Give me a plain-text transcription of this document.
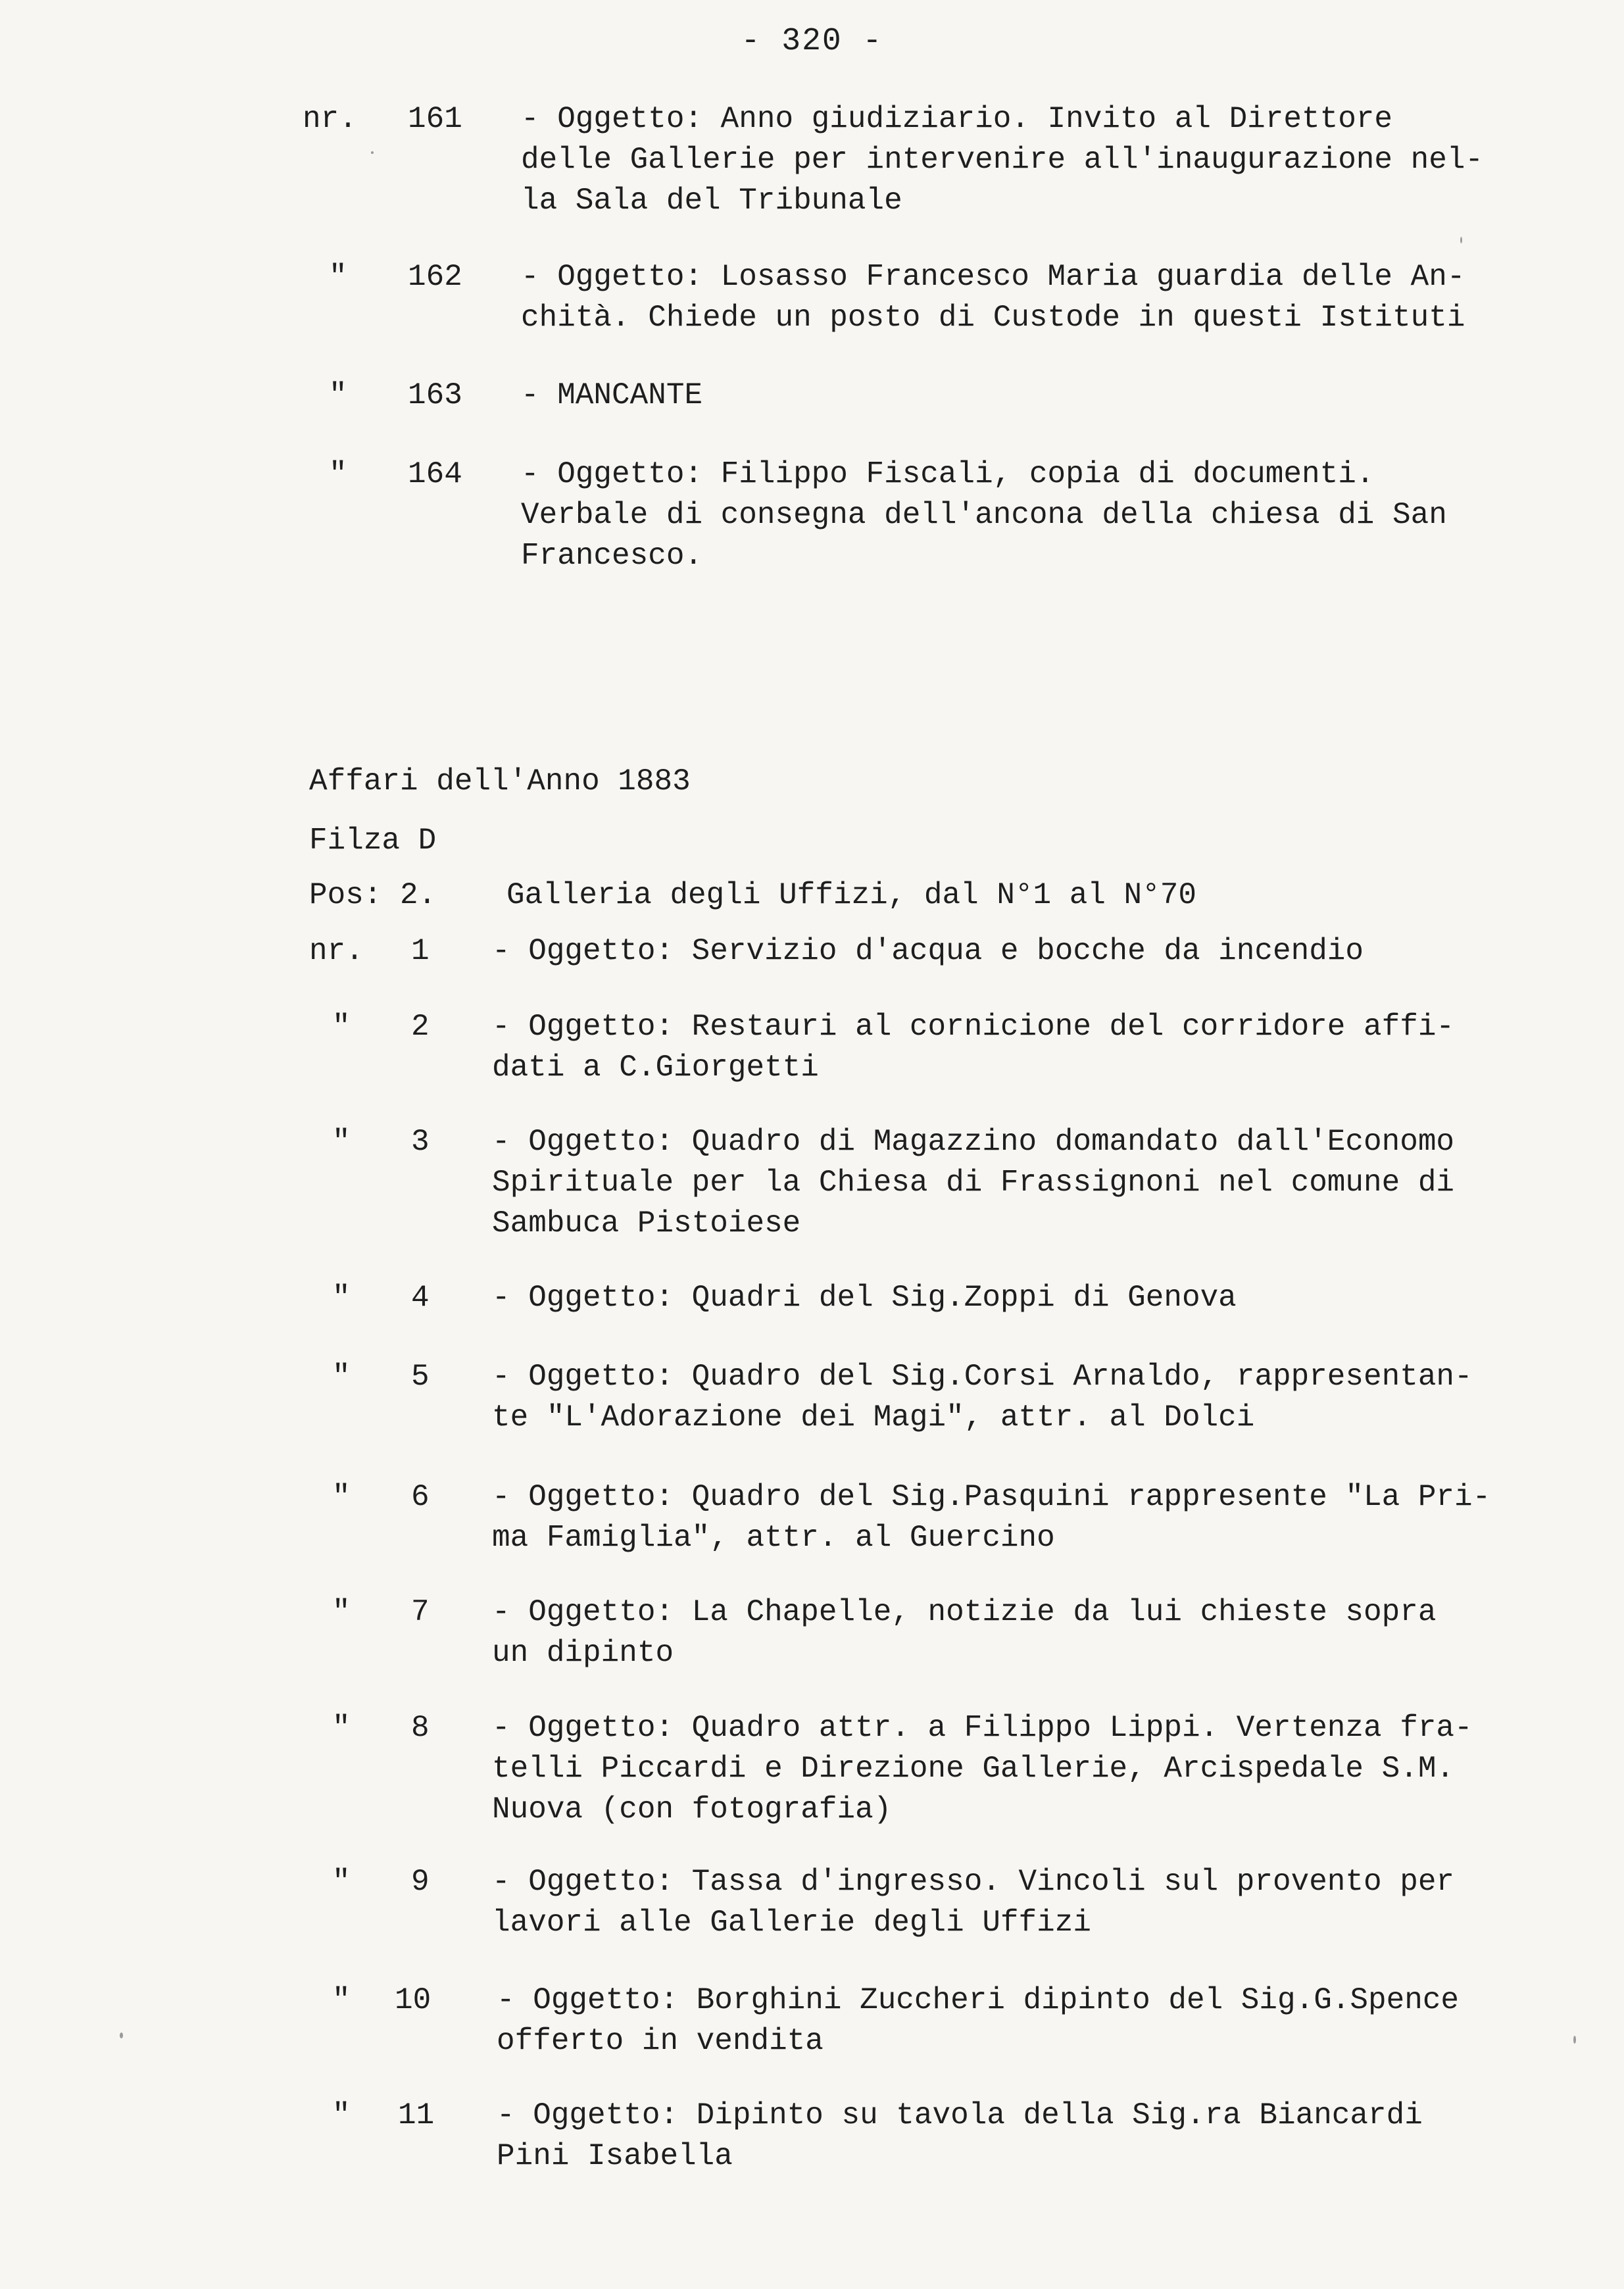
- 320 -
nr. 161 - Oggetto: Anno giudiziario. Invito al Direttore
delle Gallerie per intervenire all'inaugurazione nel-
la Sala del Tribunale
" 162 - Oggetto: Losasso Francesco Maria guardia delle An-
chità. Chiede un posto di Custode in questi Istituti
" 163 - MANCANTE
" 164 - Oggetto: Filippo Fiscali, copia di documenti.
Verbale di consegna dell'ancona della chiesa di San
Francesco.
Affari dell'Anno 1883
Filza D
Pos: 2. Galleria degli Uffizi, dal N°1 al N°70
nr. 1 - Oggetto: Servizio d'acqua e bocche da incendio
" 2 - Oggetto: Restauri al cornicione del corridore affi-
dati a C.Giorgetti
" 3 - Oggetto: Quadro di Magazzino domandato dall'Economo
Spirituale per la Chiesa di Frassignoni nel comune di
Sambuca Pistoiese
" 4 - Oggetto: Quadri del Sig.Zoppi di Genova
" 5 - Oggetto: Quadro del Sig.Corsi Arnaldo, rappresentan-
te "L'Adorazione dei Magi", attr. al Dolci
" 6 - Oggetto: Quadro del Sig.Pasquini rappresente "La Pri-
ma Famiglia", attr. al Guercino
" 7 - Oggetto: La Chapelle, notizie da lui chieste sopra
un dipinto
" 8 - Oggetto: Quadro attr. a Filippo Lippi. Vertenza fra-
telli Piccardi e Direzione Gallerie, Arcispedale S.M.
Nuova (con fotografia)
" 9 - Oggetto: Tassa d'ingresso. Vincoli sul provento per
lavori alle Gallerie degli Uffizi
" 10 - Oggetto: Borghini Zuccheri dipinto del Sig.G.Spence
offerto in vendita
" 11 - Oggetto: Dipinto su tavola della Sig.ra Biancardi
Pini Isabella
